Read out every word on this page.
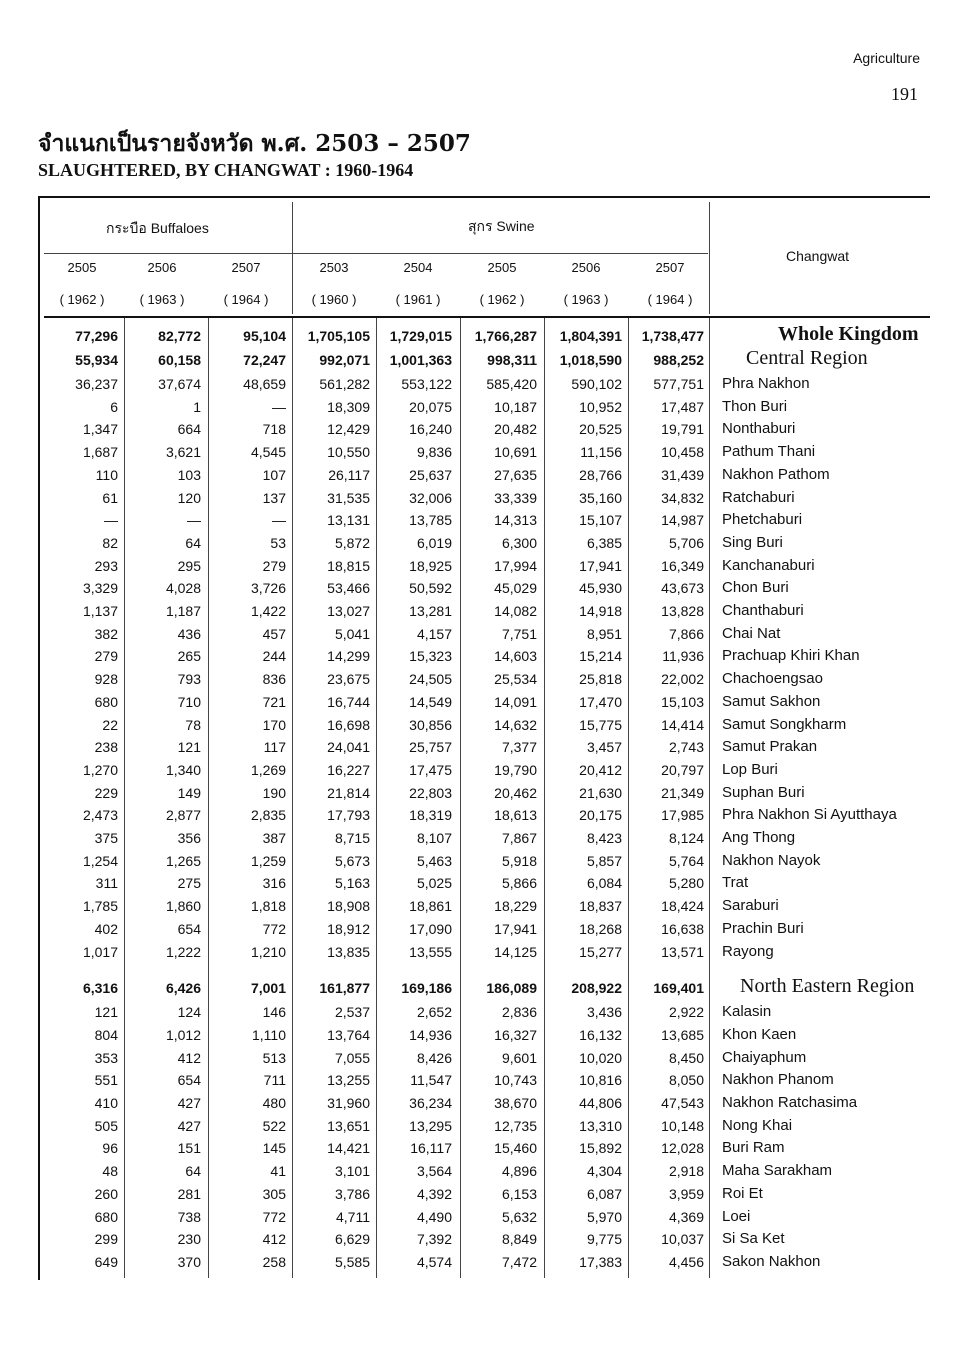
Agriculture
191
จำแนกเป็นรายจังหวัด พ.ศ. 2503 – 2507
SLAUGHTERED, BY CHANGWAT : 1960-1964
กระบือ Buffaloes	สุกร Swine
Changwat
2505	2506	2507
( 1962 )	( 1963 )	( 1964 )
2503	2504	2505	2506	2507
( 1960 )	( 1961 )	( 1962 )	( 1963 )	( 1964 )
77,296	82,772	95,104	1,705,105	1,729,015	1,766,287	1,804,391	1,738,477	Whole Kingdom
55,934	60,158	72,247	992,071	1,001,363	998,311	1,018,590	988,252 Central Region
36,237	37,674	48,659	561,282	553,122	585,420	590,102	577,751 Phra Nakhon
6	1	—	18,309	20,075	10,187	10,952	17,487 Thon Buri
1,347	664	718	12,429	16,240	20,482	20,525	19,791 Nonthaburi
1,687	3,621	4,545	10,550	9,836	10,691	11,156	10,458 Pathum Thani
110	103	107	26,117	25,637	27,635	28,766	31,439 Nakhon Pathom
61	120	137	31,535	32,006	33,339	35,160	34,832 Ratchaburi
—	—	—	13,131	13,785	14,313	15,107	14,987 Phetchaburi
82	64	53	5,872	6,019	6,300	6,385	5,706 Sing Buri
293	295	279	18,815	18,925	17,994	17,941	16,349 Kanchanaburi
3,329	4,028	3,726	53,466	50,592	45,029	45,930	43,673 Chon Buri
1,137	1,187	1,422	13,027	13,281	14,082	14,918	13,828 Chanthaburi
382	436	457	5,041	4,157	7,751	8,951	7,866 Chai Nat
279	265	244	14,299	15,323	14,603	15,214	11,936 Prachuap Khiri Khan
928	793	836	23,675	24,505	25,534	25,818	22,002 Chachoengsao
680	710	721	16,744	14,549	14,091	17,470	15,103 Samut Sakhon
22	78	170	16,698	30,856	14,632	15,775	14,414 Samut Songkharm
238	121	117	24,041	25,757	7,377	3,457	2,743 Samut Prakan
1,270	1,340	1,269	16,227	17,475	19,790	20,412	20,797 Lop Buri
229	149	190	21,814	22,803	20,462	21,630	21,349 Suphan Buri
2,473	2,877	2,835	17,793	18,319	18,613	20,175	17,985 Phra Nakhon Si Ayutthaya
375	356	387	8,715	8,107	7,867	8,423	8,124 Ang Thong
1,254	1,265	1,259	5,673	5,463	5,918	5,857	5,764 Nakhon Nayok
311	275	316	5,163	5,025	5,866	6,084	5,280 Trat
1,785	1,860	1,818	18,908	18,861	18,229	18,837	18,424 Saraburi
402	654	772	18,912	17,090	17,941	18,268	16,638 Prachin Buri
1,017	1,222	1,210	13,835	13,555	14,125	15,277	13,571 Rayong
6,316	6,426	7,001	161,877	169,186	186,089	208,922	169,401 North Eastern Region
121	124	146	2,537	2,652	2,836	3,436	2,922 Kalasin
804	1,012	1,110	13,764	14,936	16,327	16,132	13,685 Khon Kaen
353	412	513	7,055	8,426	9,601	10,020	8,450 Chaiyaphum
551	654	711	13,255	11,547	10,743	10,816	8,050 Nakhon Phanom
410	427	480	31,960	36,234	38,670	44,806	47,543 Nakhon Ratchasima
505	427	522	13,651	13,295	12,735	13,310	10,148 Nong Khai
96	151	145	14,421	16,117	15,460	15,892	12,028 Buri Ram
48	64	41	3,101	3,564	4,896	4,304	2,918 Maha Sarakham
260	281	305	3,786	4,392	6,153	6,087	3,959 Roi Et
680	738	772	4,711	4,490	5,632	5,970	4,369 Loei
299	230	412	6,629	7,392	8,849	9,775	10,037 Si Sa Ket
649	370	258	5,585	4,574	7,472	17,383	4,456 Sakon Nakhon
